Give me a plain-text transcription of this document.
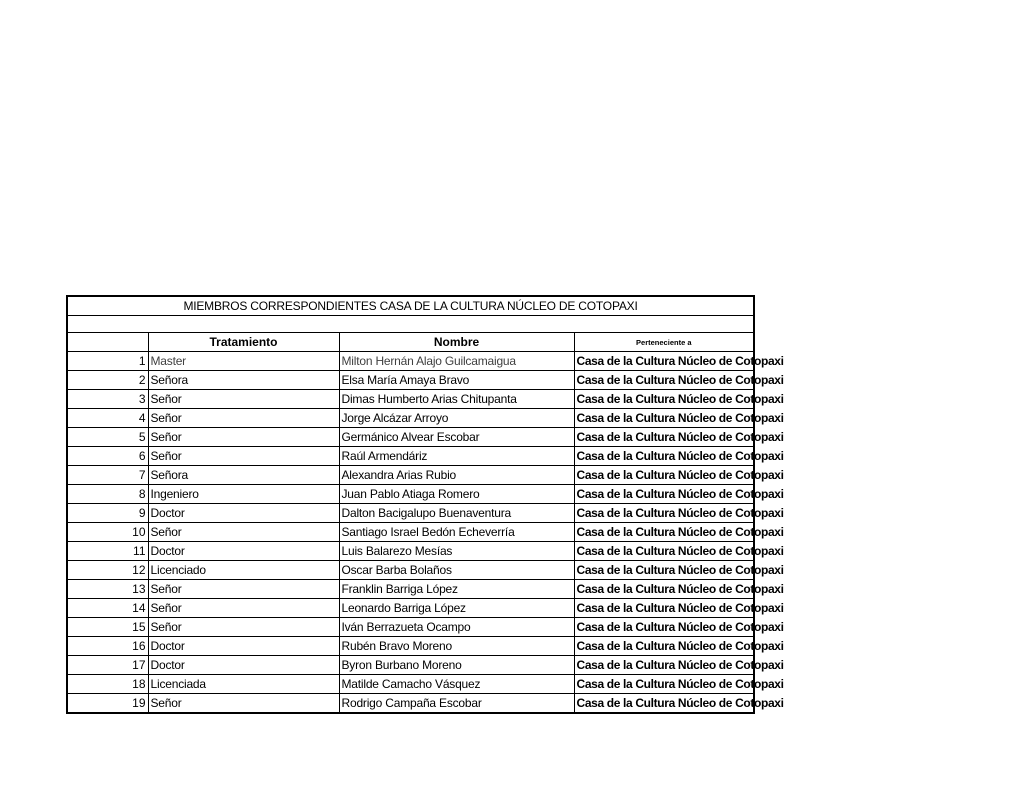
MIEMBROS CORRESPONDIENTES CASA DE LA CULTURA NÚCLEO DE COTOPAXI			

	Tratamiento	Nombre	Perteneciente a
1	Master	Milton Hernán Alajo Guilcamaigua	Casa de la Cultura Núcleo de Cotopaxi
2	Señora	Elsa María Amaya Bravo	Casa de la Cultura Núcleo de Cotopaxi
3	Señor	Dimas Humberto Arias Chitupanta	Casa de la Cultura Núcleo de Cotopaxi
4	Señor	Jorge Alcázar Arroyo	Casa de la Cultura Núcleo de Cotopaxi
5	Señor	Germánico Alvear Escobar	Casa de la Cultura Núcleo de Cotopaxi
6	Señor	Raúl Armendáriz	Casa de la Cultura Núcleo de Cotopaxi
7	Señora	Alexandra Arias Rubio	Casa de la Cultura Núcleo de Cotopaxi
8	Ingeniero	Juan Pablo Atiaga Romero	Casa de la Cultura Núcleo de Cotopaxi
9	Doctor	Dalton Bacigalupo Buenaventura	Casa de la Cultura Núcleo de Cotopaxi
10	Señor	Santiago Israel Bedón Echeverría	Casa de la Cultura Núcleo de Cotopaxi
11	Doctor	Luis Balarezo Mesías	Casa de la Cultura Núcleo de Cotopaxi
12	Licenciado	Oscar Barba Bolaños	Casa de la Cultura Núcleo de Cotopaxi
13	Señor	Franklin Barriga López	Casa de la Cultura Núcleo de Cotopaxi
14	Señor	Leonardo Barriga López	Casa de la Cultura Núcleo de Cotopaxi
15	Señor	Iván Berrazueta Ocampo	Casa de la Cultura Núcleo de Cotopaxi
16	Doctor	Rubén Bravo Moreno	Casa de la Cultura Núcleo de Cotopaxi
17	Doctor	Byron Burbano Moreno	Casa de la Cultura Núcleo de Cotopaxi
18	Licenciada	Matilde Camacho Vásquez	Casa de la Cultura Núcleo de Cotopaxi
19	Señor	Rodrigo Campaña Escobar	Casa de la Cultura Núcleo de Cotopaxi
